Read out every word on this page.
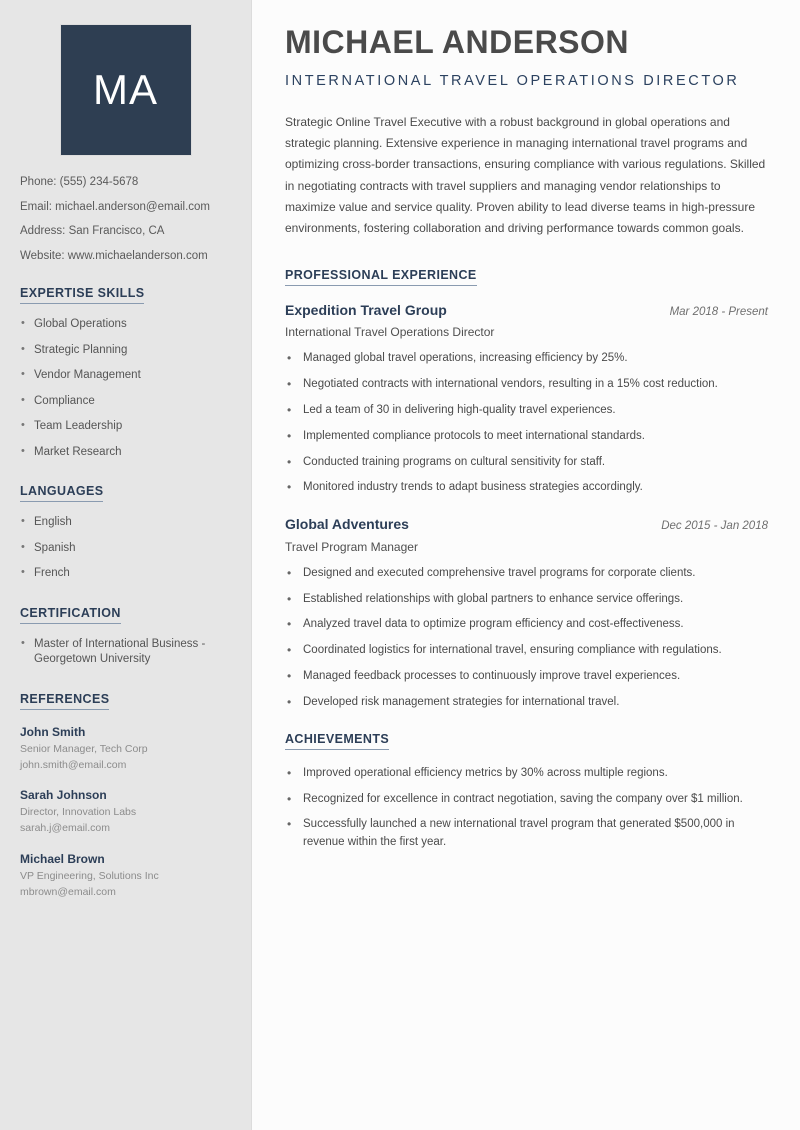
MA
Phone: (555) 234-5678
Email: michael.anderson@email.com
Address: San Francisco, CA
Website: www.michaelanderson.com
EXPERTISE SKILLS
• Global Operations
• Strategic Planning
• Vendor Management
• Compliance
• Team Leadership
• Market Research
LANGUAGES
• English
• Spanish
• French
CERTIFICATION
• Master of International Business - Georgetown University
REFERENCES
John Smith
Senior Manager, Tech Corp
john.smith@email.com
Sarah Johnson
Director, Innovation Labs
sarah.j@email.com
Michael Brown
VP Engineering, Solutions Inc
mbrown@email.com
MICHAEL ANDERSON
INTERNATIONAL TRAVEL OPERATIONS DIRECTOR

Strategic Online Travel Executive with a robust background in global operations and strategic planning. Extensive experience in managing international travel programs and optimizing cross-border transactions, ensuring compliance with various regulations. Skilled in negotiating contracts with travel suppliers and managing vendor relationships to maximize value and service quality. Proven ability to lead diverse teams in high-pressure environments, fostering collaboration and driving performance towards common goals.

PROFESSIONAL EXPERIENCE
Expedition Travel Group	Mar 2018 - Present
International Travel Operations Director
• Managed global travel operations, increasing efficiency by 25%.
• Negotiated contracts with international vendors, resulting in a 15% cost reduction.
• Led a team of 30 in delivering high-quality travel experiences.
• Implemented compliance protocols to meet international standards.
• Conducted training programs on cultural sensitivity for staff.
• Monitored industry trends to adapt business strategies accordingly.
Global Adventures	Dec 2015 - Jan 2018
Travel Program Manager
• Designed and executed comprehensive travel programs for corporate clients.
• Established relationships with global partners to enhance service offerings.
• Analyzed travel data to optimize program efficiency and cost-effectiveness.
• Coordinated logistics for international travel, ensuring compliance with regulations.
• Managed feedback processes to continuously improve travel experiences.
• Developed risk management strategies for international travel.
ACHIEVEMENTS
• Improved operational efficiency metrics by 30% across multiple regions.
• Recognized for excellence in contract negotiation, saving the company over $1 million.
• Successfully launched a new international travel program that generated $500,000 in revenue within the first year.
